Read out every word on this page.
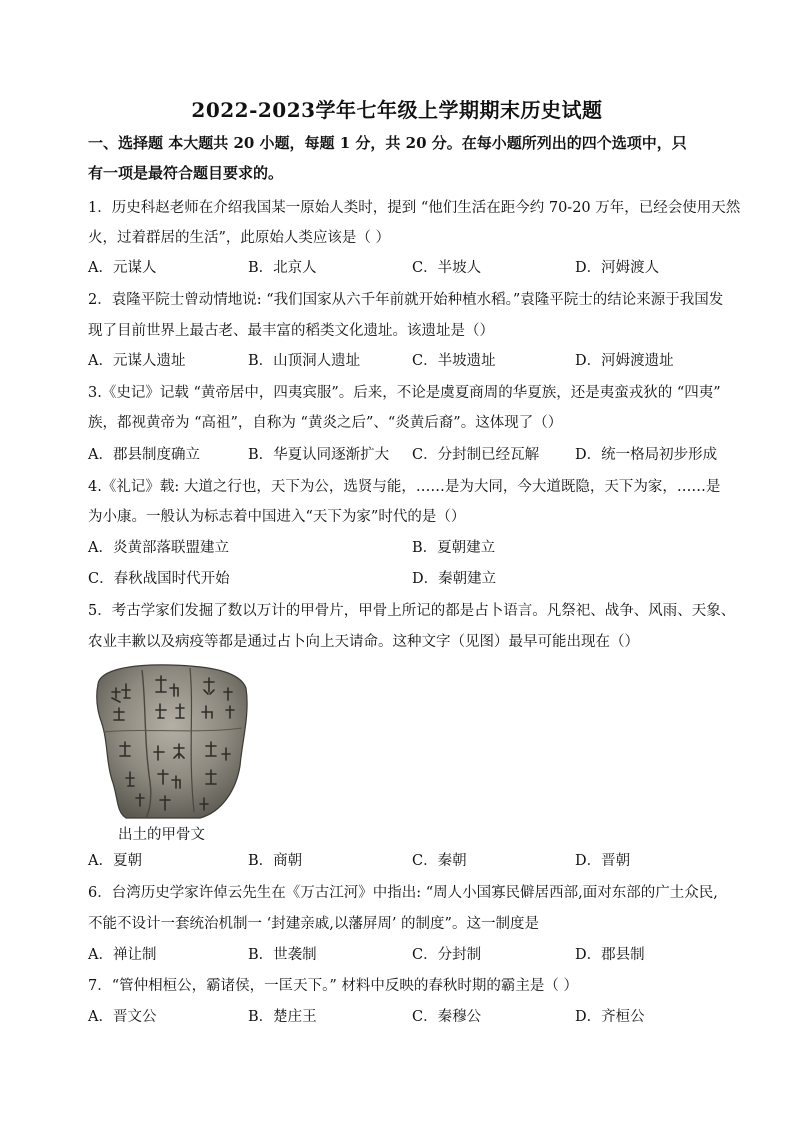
2022-2023学年七年级上学期期末历史试题
一、选择题 本大题共 20 小题，每题 1 分，共 20 分。在每小题所列出的四个选项中，只
有一项是最符合题目要求的。
1．历史科赵老师在介绍我国某一原始人类时，提到 “他们生活在距今约 70-20 万年，已经会使用天然
火，过着群居的生活”，此原始人类应该是（ ）
A．元谋人	B．北京人	C．半坡人	D．河姆渡人
2．袁隆平院士曾动情地说: “我们国家从六千年前就开始种植水稻。”袁隆平院士的结论来源于我国发
现了目前世界上最古老、最丰富的稻类文化遗址。该遗址是（）
A．元谋人遗址	B．山顶洞人遗址	C．半坡遗址	D．河姆渡遗址
3.《史记》记载 “黄帝居中，四夷宾服”。后来，不论是虞夏商周的华夏族，还是夷蛮戎狄的 “四夷”
族，都视黄帝为 “高祖”，自称为 “黄炎之后”、“炎黄后裔”。这体现了（）
A．郡县制度确立	B．华夏认同逐渐扩大 C．分封制已经瓦解 D．统一格局初步形成
4.《礼记》载: 大道之行也，天下为公，选贤与能，……是为大同，今大道既隐，天下为家，……是
为小康。一般认为标志着中国进入“天下为家”时代的是（）
A．炎黄部落联盟建立	B．夏朝建立
C．春秋战国时代开始	D．秦朝建立
5．考古学家们发掘了数以万计的甲骨片，甲骨上所记的都是占卜语言。凡祭祀、战争、风雨、天象、
农业丰歉以及病疫等都是通过占卜向上天请命。这种文字（见图）最早可能出现在（）
出土的甲骨文
A．夏朝	B．商朝	C．秦朝	D．晋朝
6．台湾历史学家许倬云先生在《万古江河》中指出: “周人小国寡民僻居西部,面对东部的广土众民,
不能不设计一套统治机制一 ‘封建亲戚,以藩屏周’ 的制度”。这一制度是
A．禅让制	B．世袭制	C．分封制	D．郡县制
7．“管仲相桓公，霸诸侯，一匡天下。” 材料中反映的春秋时期的霸主是（ ）
A．晋文公	B．楚庄王	C．秦穆公	D．齐桓公
